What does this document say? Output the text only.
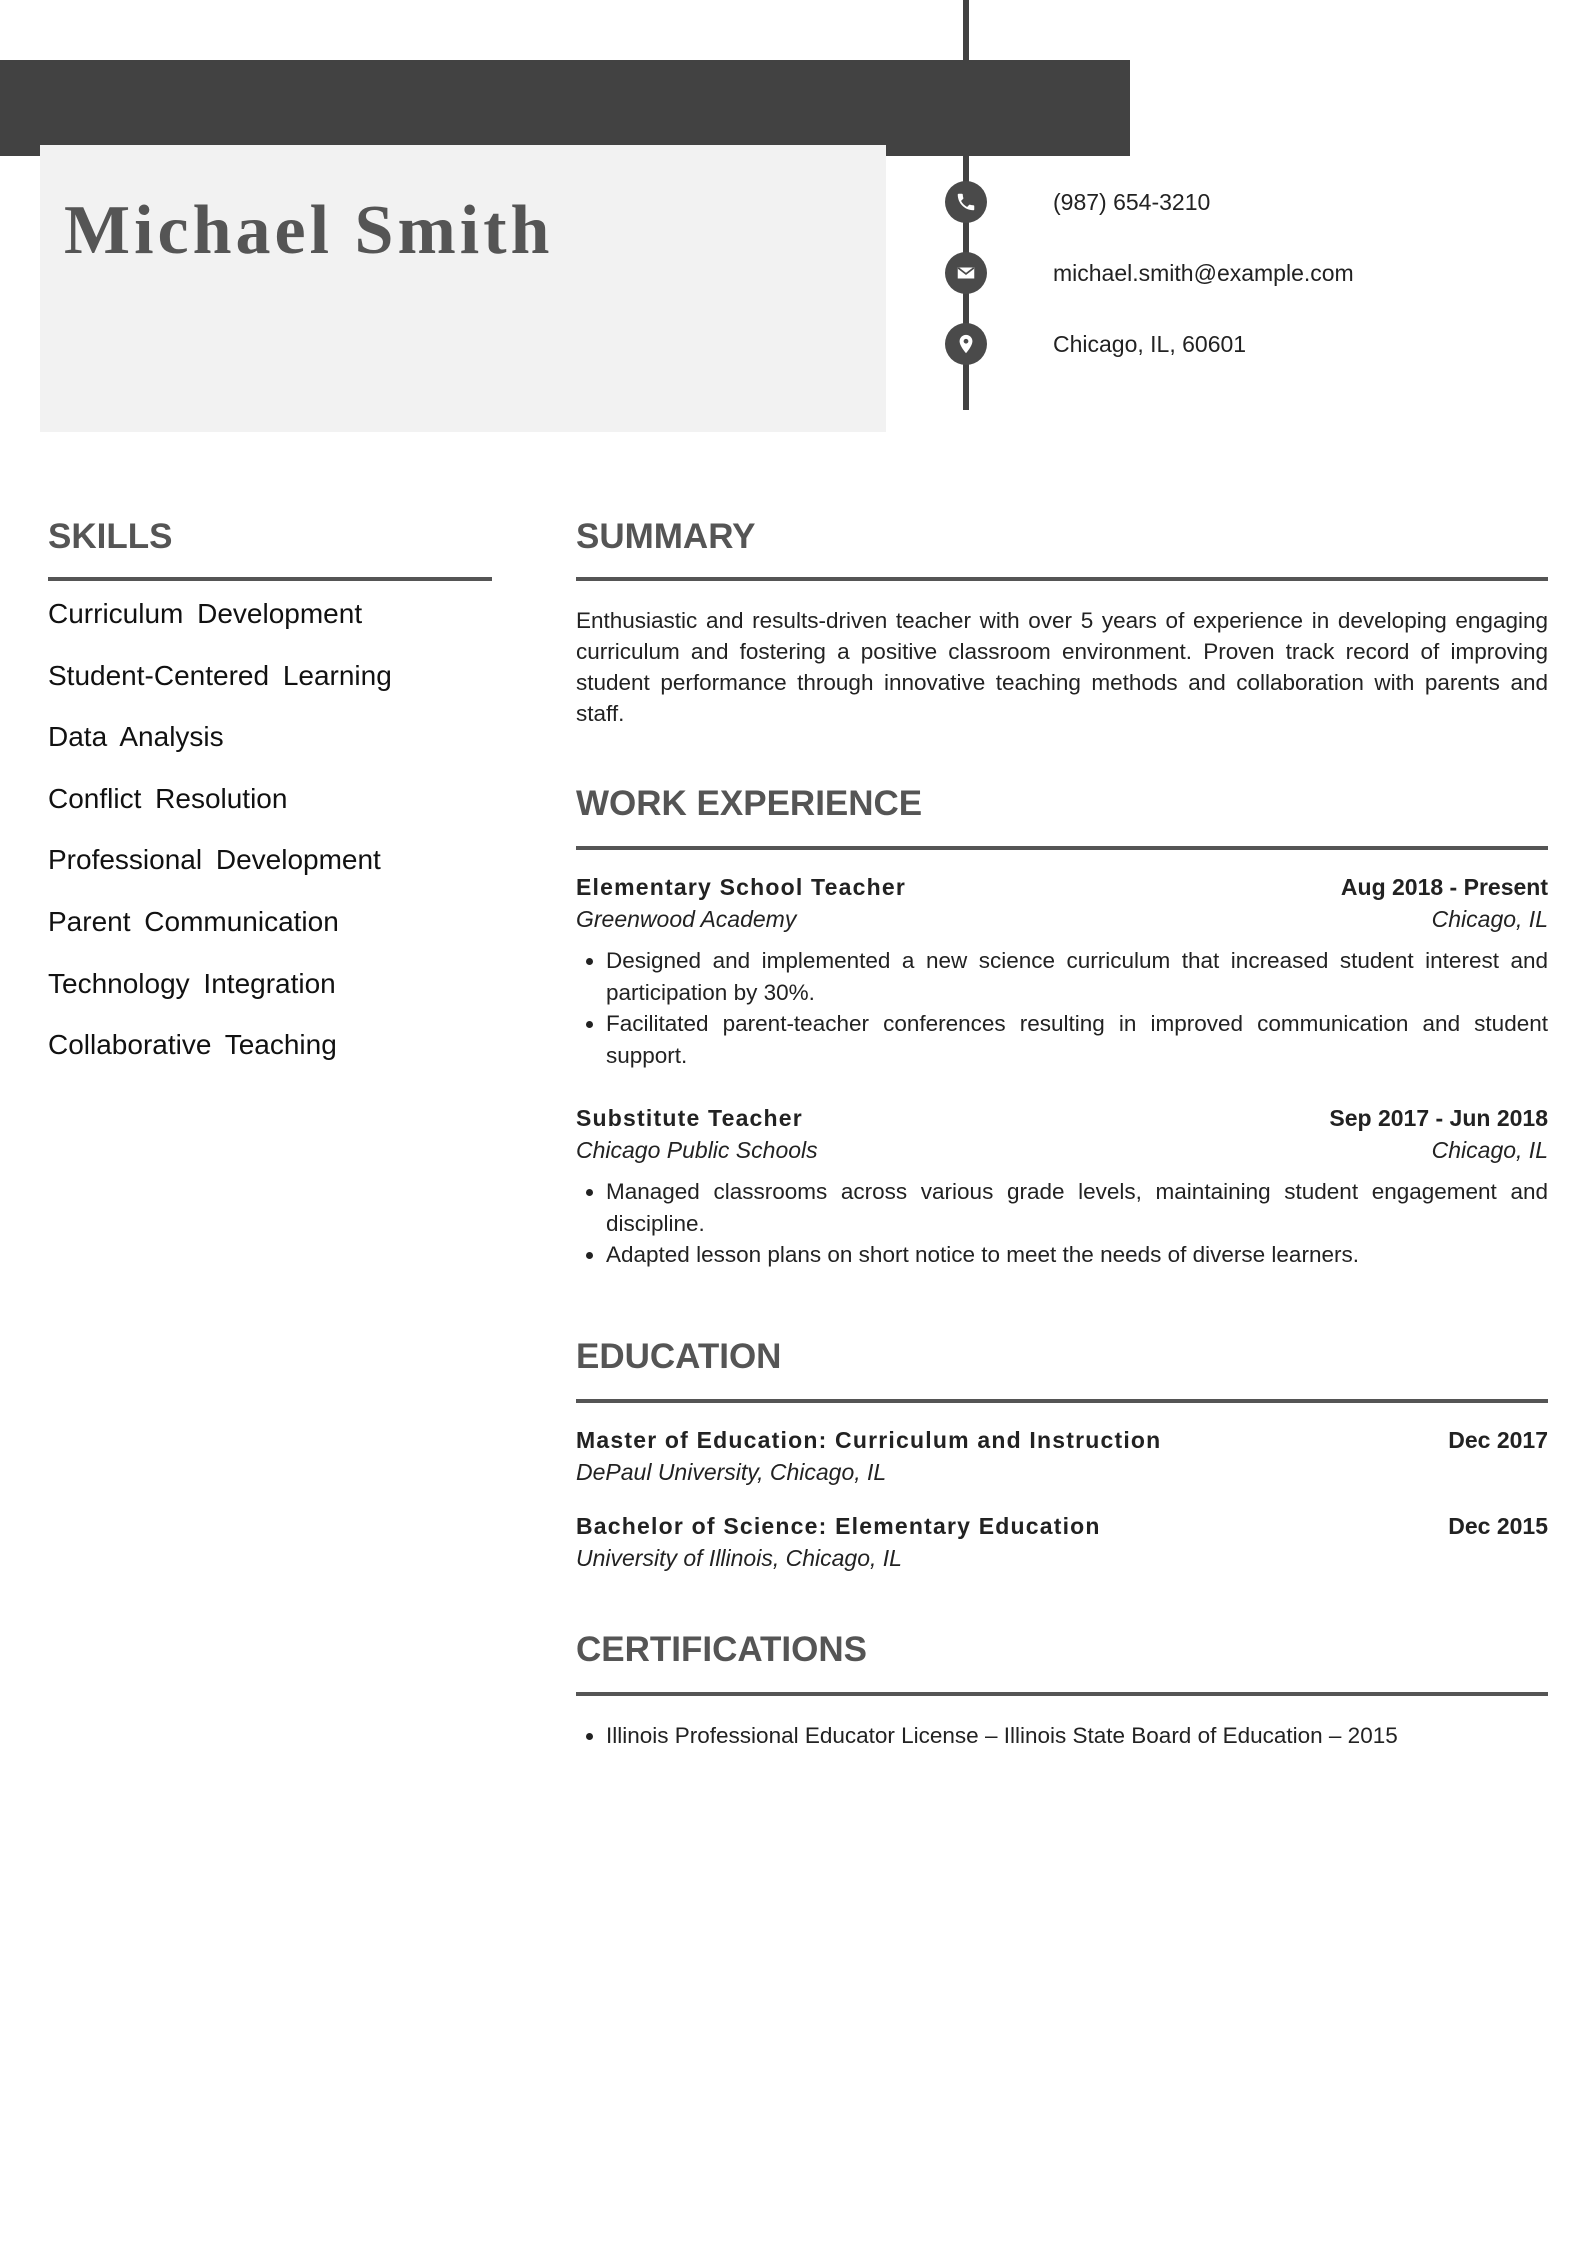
Michael Smith	(987) 654-3210
michael.smith@example.com
Chicago, IL, 60601
SKILLS
Curriculum Development
Student-Centered Learning
Data Analysis
Conflict Resolution
Professional Development
Parent Communication
Technology Integration
Collaborative Teaching
SUMMARY

Enthusiastic and results-driven teacher with over 5 years of experience in developing engaging curriculum and fostering a positive classroom environment. Proven track record of improving student performance through innovative teaching methods and collaboration with parents and staff.

WORK EXPERIENCE
Elementary School Teacher	Aug 2018 - Present
Greenwood Academy	Chicago, IL
• Designed and implemented a new science curriculum that increased student interest and participation by 30%.
• Facilitated parent-teacher conferences resulting in improved communication and student support.
Substitute Teacher	Sep 2017 - Jun 2018
Chicago Public Schools	Chicago, IL
• Managed classrooms across various grade levels, maintaining student engagement and discipline.
• Adapted lesson plans on short notice to meet the needs of diverse learners.
EDUCATION
Master of Education: Curriculum and Instruction	Dec 2017
DePaul University, Chicago, IL
Bachelor of Science: Elementary Education	Dec 2015
University of Illinois, Chicago, IL
CERTIFICATIONS
• Illinois Professional Educator License – Illinois State Board of Education – 2015
